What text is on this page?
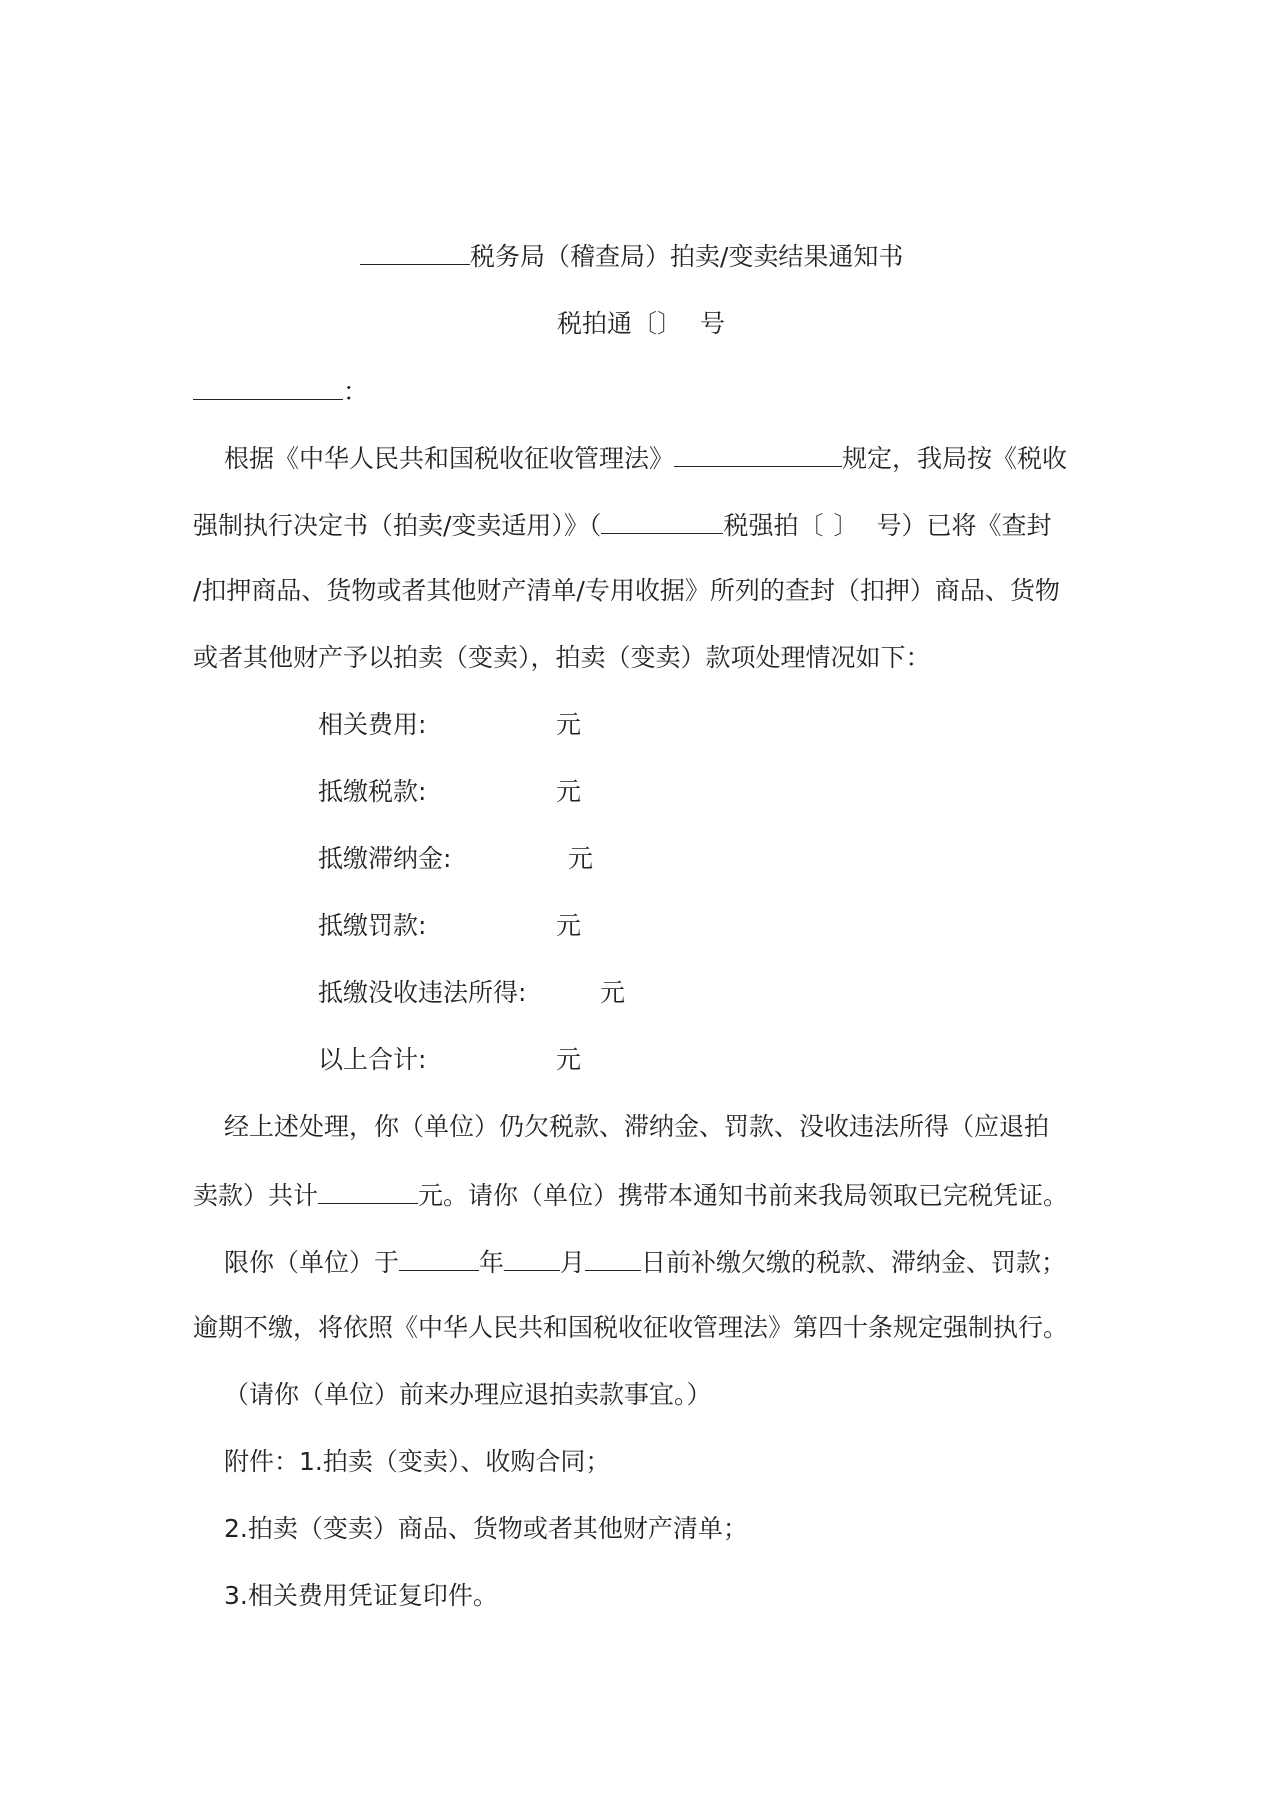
税务局（稽查局）拍卖/变卖结果通知书
税拍通〔〕 号
：
根据《中华人民共和国税收征收管理法》	规定，我局按《税收
强制执行决定书（拍卖/变卖适用）》（	税强拍〔 〕 号）已将《查封
/扣押商品、货物或者其他财产清单/专用收据》所列的查封（扣押）商品、货物
或者其他财产予以拍卖（变卖），拍卖（变卖）款项处理情况如下：
相关费用:	元
抵缴税款:	元
抵缴滞纳金:	元
抵缴罚款:	元
抵缴没收违法所得:	元
以上合计:	元
经上述处理，你（单位）仍欠税款、滞纳金、罚款、没收违法所得（应退拍
卖款）共计	元。请你（单位）携带本通知书前来我局领取已完税凭证。
限你（单位）于	年 月 日前补缴欠缴的税款、滞纳金、罚款；
逾期不缴，将依照《中华人民共和国税收征收管理法》第四十条规定强制执行。
（请你（单位）前来办理应退拍卖款事宜。）
附件：1.拍卖（变卖）、收购合同；
2.拍卖（变卖）商品、货物或者其他财产清单；
3.相关费用凭证复印件。
